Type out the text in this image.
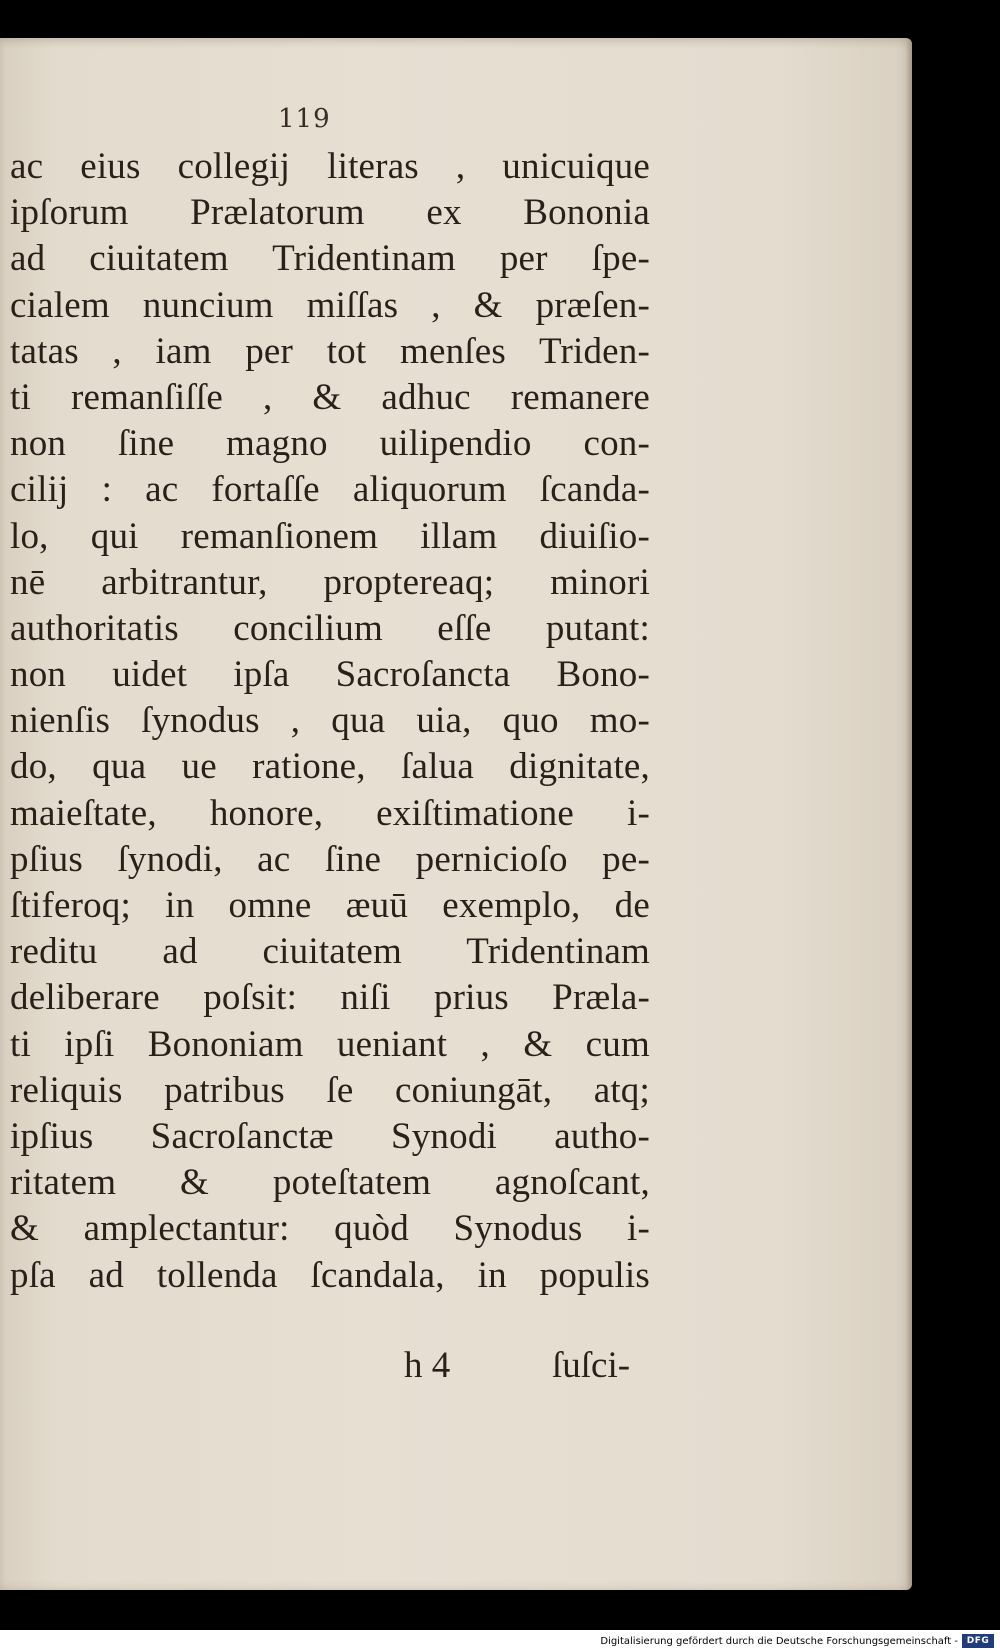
119
ac eius collegij literas , unicuique
ipſorum Prælatorum ex Bononia
ad ciuitatem Tridentinam per ſpe-
cialem nuncium miſſas , & præſen-
tatas , iam per tot menſes Triden-
ti remanſiſſe , & adhuc remanere
non ſine magno uilipendio con-
cilij : ac fortaſſe aliquorum ſcanda-
lo, qui remanſionem illam diuiſio-
nē arbitrantur, proptereaq; minori
authoritatis concilium eſſe putant:
non uidet ipſa Sacroſancta Bono-
nienſis ſynodus , qua uia, quo mo-
do, qua ue ratione, ſalua dignitate,
maieſtate, honore, exiſtimatione i-
pſius ſynodi, ac ſine pernicioſo pe-
ſtiferoq; in omne æuū exemplo, de
reditu ad ciuitatem Tridentinam
deliberare poſsit: niſi prius Præla-
ti ipſi Bononiam ueniant , & cum
reliquis patribus ſe coniungāt, atq;
ipſius Sacroſanctæ Synodi autho-
ritatem & poteſtatem agnoſcant,
& amplectantur: quòd Synodus i-
pſa ad tollenda ſcandala, in populis
h 4	ſuſci-
Digitalisierung gefördert durch die Deutsche Forschungsgemeinschaft - DFG
